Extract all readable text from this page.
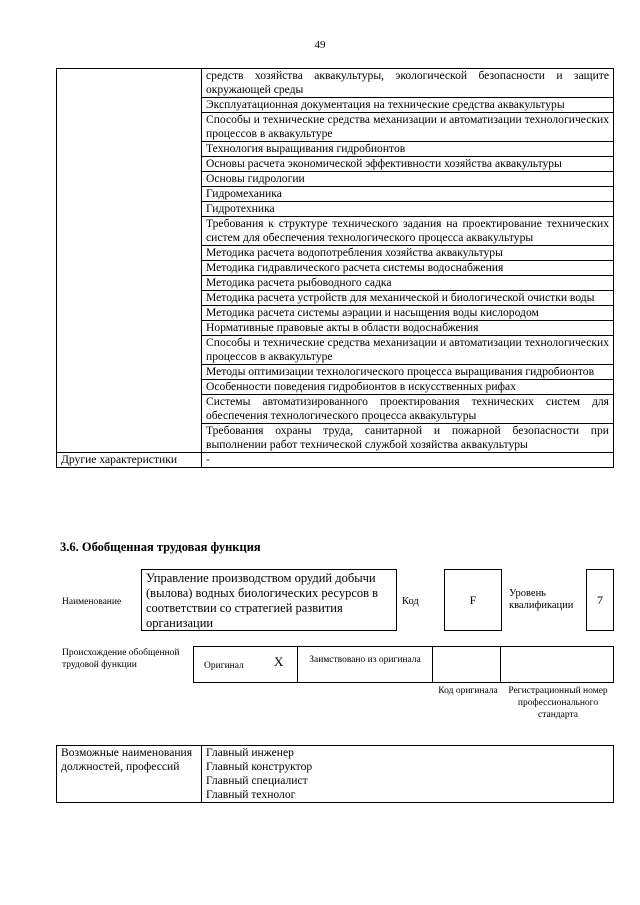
49
	средств хозяйства аквакультуры, экологической безопасности и защите окружающей среды
	Эксплуатационная документация на технические средства аквакультуры
	Способы и технические средства механизации и автоматизации технологических процессов в аквакультуре
	Технология выращивания гидробионтов
	Основы расчета экономической эффективности хозяйства аквакультуры
	Основы гидрологии
	Гидромеханика
	Гидротехника
	Требования к структуре технического задания на проектирование технических систем для обеспечения технологического процесса аквакультуры
	Методика расчета водопотребления хозяйства аквакультуры
	Методика гидравлического расчета системы водоснабжения
	Методика расчета рыбоводного садка
	Методика расчета устройств для механической и биологической очистки воды
	Методика расчета системы аэрации и насыщения воды кислородом
	Нормативные правовые акты в области водоснабжения
	Способы и технические средства механизации и автоматизации технологических процессов в аквакультуре
	Методы оптимизации технологического процесса выращивания гидробионтов
	Особенности поведения гидробионтов в искусственных рифах
	Системы автоматизированного проектирования технических систем для обеспечения технологического процесса аквакультуры
	Требования охраны труда, санитарной и пожарной безопасности при выполнении работ технической службой хозяйства аквакультуры
Другие характеристики	-
3.6. Обобщенная трудовая функция
Наименование
Управление производством орудий добычи (вылова) водных биологических ресурсов в соответствии со стратегией развития организации
Код	F	Уровень квалификации	7
Происхождение обобщенной трудовой функции	Оригинал X	Заимствовано из оригинала
Код оригинала Регистрационный номер профессионального стандарта
Возможные наименования должностей, профессий	
Главный инженер
Главный конструктор
Главный специалист
Главный технолог
